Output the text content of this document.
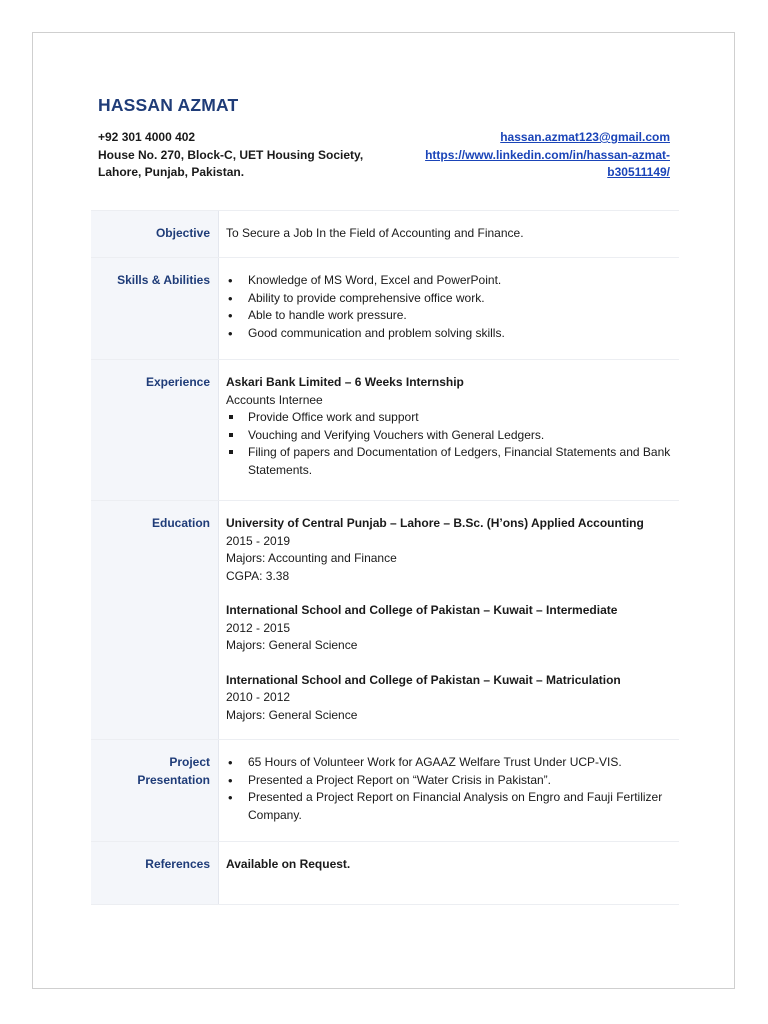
HASSAN AZMAT
+92 301 4000 402
House No. 270, Block-C, UET Housing Society,
Lahore, Punjab, Pakistan.
hassan.azmat123@gmail.com
https://www.linkedin.com/in/hassan-azmat-
b30511149/
Objective	To Secure a Job In the Field of Accounting and Finance.
Skills & Abilities
•	Knowledge of MS Word, Excel and PowerPoint.
• Ability to provide comprehensive office work.
• Able to handle work pressure.
• Good communication and problem solving skills.
Experience	Askari Bank Limited – 6 Weeks Internship
Accounts Internee
Provide Office work and support
Vouching and Verifying Vouchers with General Ledgers.
Filing of papers and Documentation of Ledgers, Financial Statements and Bank Statements.
Education	University of Central Punjab – Lahore – B.Sc. (H’ons) Applied Accounting
2015 - 2019
Majors: Accounting and Finance
CGPA: 3.38
International School and College of Pakistan – Kuwait – Intermediate
2012 - 2015
Majors: General Science
International School and College of Pakistan – Kuwait – Matriculation
2010 - 2012
Majors: General Science
Project
Presentation
• 65 Hours of Volunteer Work for AGAAZ Welfare Trust Under UCP-VIS.
• Presented a Project Report on “Water Crisis in Pakistan”.
• Presented a Project Report on Financial Analysis on Engro and Fauji Fertilizer Company.
References	Available on Request.
